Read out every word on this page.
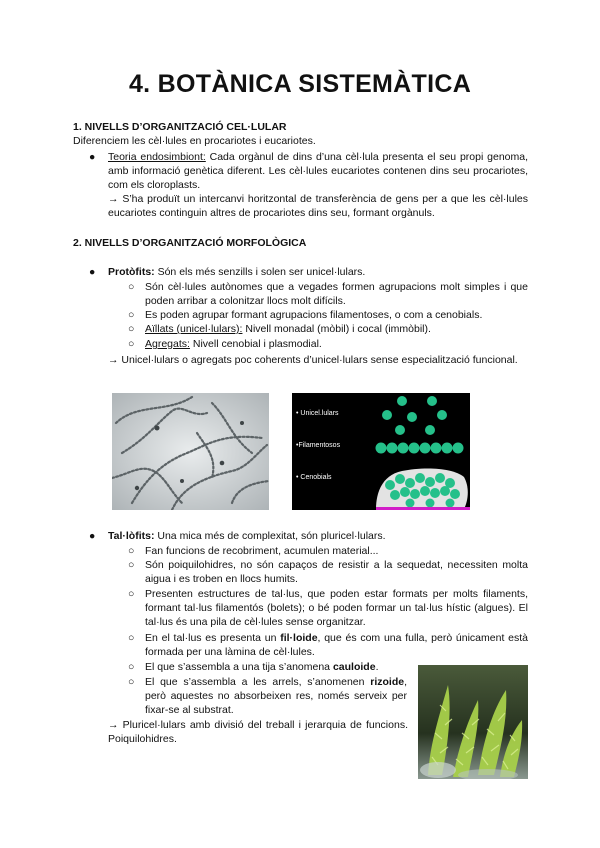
4. BOTÀNICA SISTEMÀTICA
1. NIVELLS D’ORGANITZACIÓ CEL·LULAR
Diferenciem les cèl·lules en procariotes i eucariotes.
● Teoria endosimbiont: Cada orgànul de dins d’una cèl·lula presenta el seu propi genoma, amb informació genètica diferent. Les cèl·lules eucariotes contenen dins seu procariotes, com els cloroplasts.
→ S’ha produït un intercanvi horitzontal de transferència de gens per a que les cèl·lules eucariotes continguin altres de procariotes dins seu, formant orgànuls.
2. NIVELLS D’ORGANITZACIÓ MORFOLÒGICA
● Protòfits: Són els més senzills i solen ser unicel·lulars.
○ Són cèl·lules autònomes que a vegades formen agrupacions molt simples i que poden arribar a colonitzar llocs molt difícils.
○ Es poden agrupar formant agrupacions filamentoses, o com a cenobials.
○ Aïllats (unicel·lulars): Nivell monadal (mòbil) i cocal (immòbil).
○ Agregats: Nivell cenobial i plasmodial.
→ Unicel·lulars o agregats poc coherents d’unicel·lulars sense especialització funcional.
• Unicel.lulars
•Filamentosos
• Cenobials
● Tal·lòfits: Una mica més de complexitat, són pluricel·lulars.
○ Fan funcions de recobriment, acumulen material...
○ Són poiquilohidres, no són capaços de resistir a la sequedat, necessiten molta aigua i es troben en llocs humits.
○ Presenten estructures de tal·lus, que poden estar formats per molts filaments, formant tal·lus filamentós (bolets); o bé poden formar un tal·lus hístic (algues). El tal·lus és una pila de cèl·lules sense organitzar.
○ En el tal·lus es presenta un fil·loide, que és com una fulla, però únicament està formada per una làmina de cèl·lules.
○ El que s’assembla a una tija s’anomena cauloide.
○ El que s’assembla a les arrels, s’anomenen rizoide, però aquestes no absorbeixen res, només serveix per fixar-se al substrat.
→ Pluricel·lulars amb divisió del treball i jerarquia de funcions. Poiquilohidres.
